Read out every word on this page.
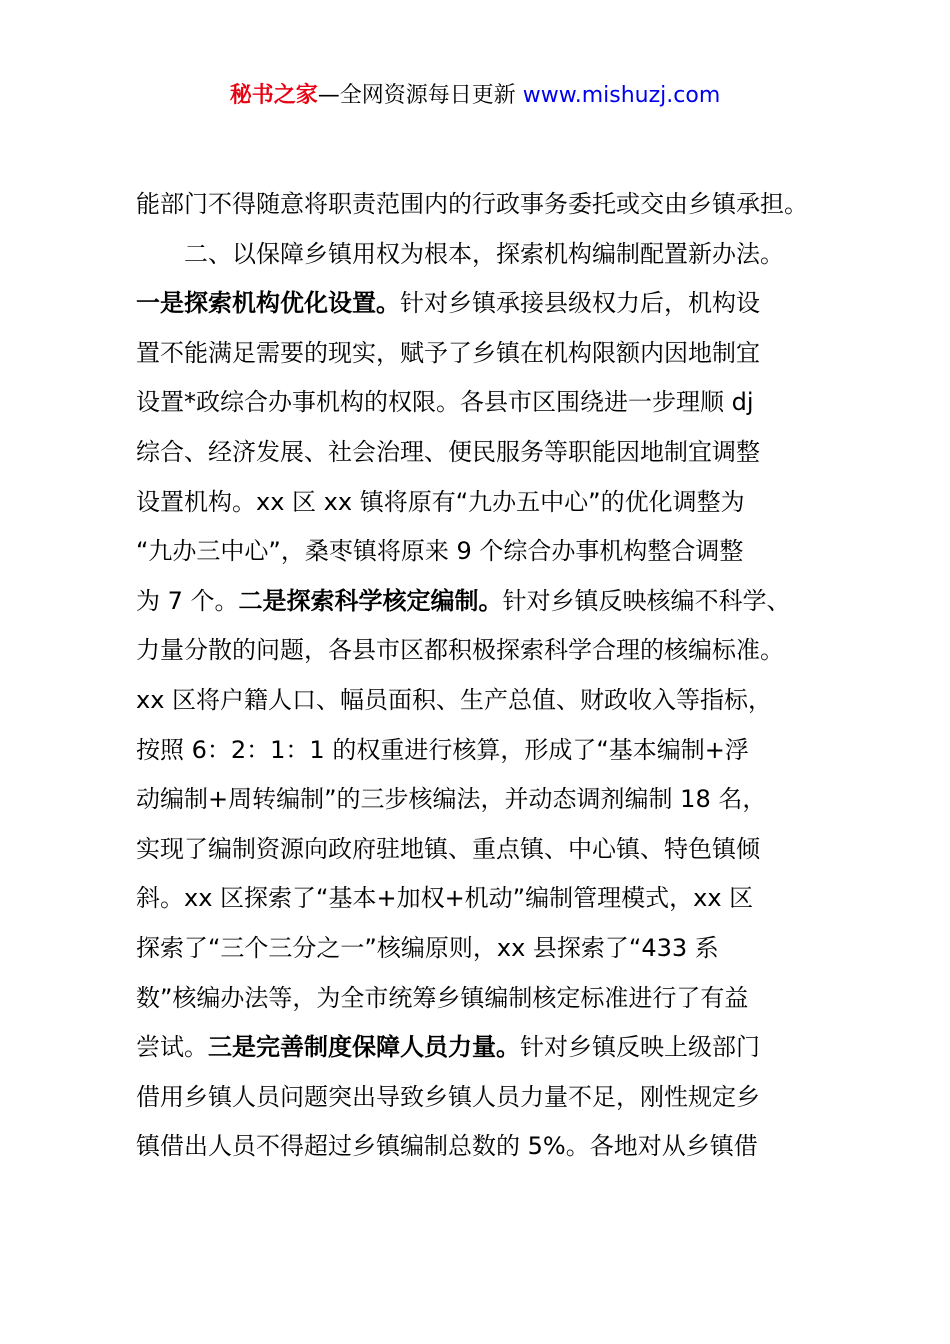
秘书之家—全网资源每日更新 www.mishuzj.com
能部门不得随意将职责范围内的行政事务委托或交由乡镇承担。
二、以保障乡镇用权为根本，探索机构编制配置新办法。
一是探索机构优化设置。针对乡镇承接县级权力后，机构设
置不能满足需要的现实，赋予了乡镇在机构限额内因地制宜
设置*政综合办事机构的权限。各县市区围绕进一步理顺 dj
综合、经济发展、社会治理、便民服务等职能因地制宜调整
设置机构。xx 区 xx 镇将原有“九办五中心”的优化调整为
“九办三中心”，桑枣镇将原来 9 个综合办事机构整合调整
为 7 个。二是探索科学核定编制。针对乡镇反映核编不科学、
力量分散的问题，各县市区都积极探索科学合理的核编标准。
xx 区将户籍人口、幅员面积、生产总值、财政收入等指标，
按照 6：2：1：1 的权重进行核算，形成了“基本编制+浮
动编制+周转编制”的三步核编法，并动态调剂编制 18 名，
实现了编制资源向政府驻地镇、重点镇、中心镇、特色镇倾
斜。xx 区探索了“基本+加权+机动”编制管理模式，xx 区
探索了“三个三分之一”核编原则，xx 县探索了“433 系
数”核编办法等，为全市统筹乡镇编制核定标准进行了有益
尝试。三是完善制度保障人员力量。针对乡镇反映上级部门
借用乡镇人员问题突出导致乡镇人员力量不足，刚性规定乡
镇借出人员不得超过乡镇编制总数的 5%。各地对从乡镇借
